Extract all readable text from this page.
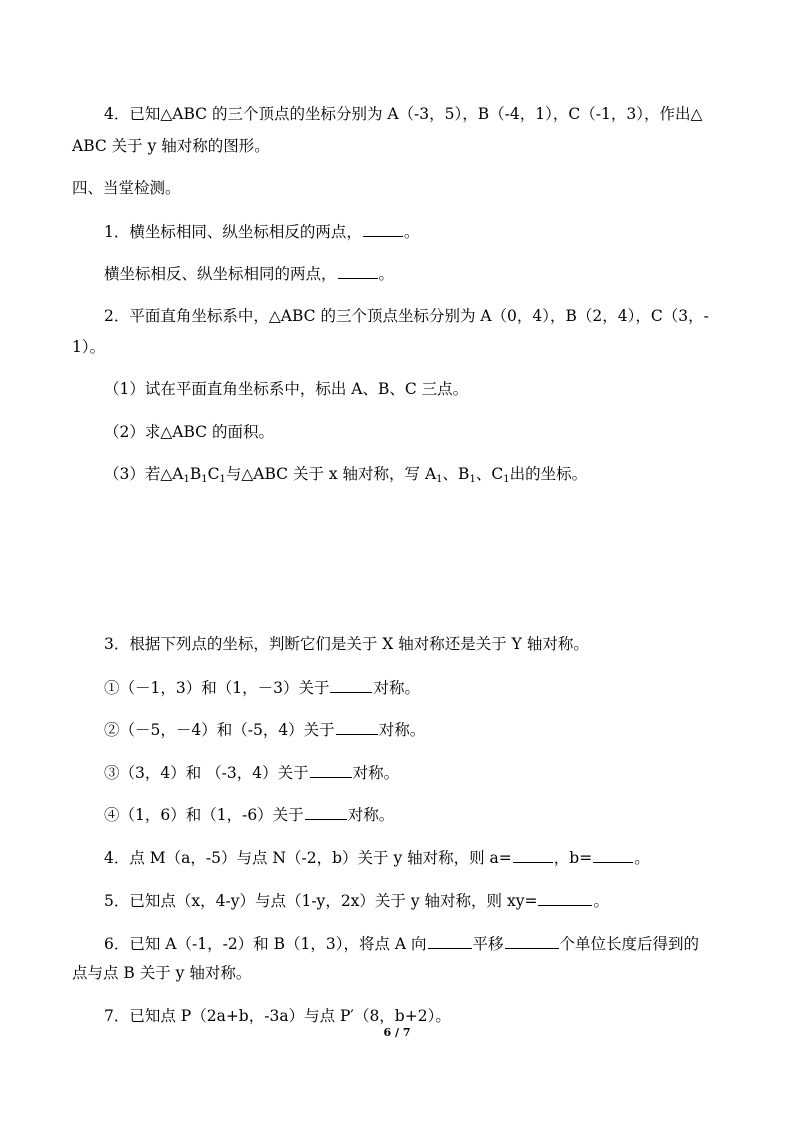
4．已知△ABC 的三个顶点的坐标分别为 A（-3，5），B（-4，1），C（-1，3），作出△
ABC 关于 y 轴对称的图形。
四、当堂检测。
1．横坐标相同、纵坐标相反的两点，	。
横坐标相反、纵坐标相同的两点，	。
2．平面直角坐标系中，△ABC 的三个顶点坐标分别为 A（0，4），B（2，4），C（3，-
1）。
（1）试在平面直角坐标系中，标出 A、B、C 三点。
（2）求△ABC 的面积。
（3）若$\triangle A_1B_1C_1$与△ABC 关于 x 轴对称，写 $A_1$、$B_1$、$C_1$出的坐标。
3．根据下列点的坐标，判断它们是关于 X 轴对称还是关于 Y 轴对称。
①（－1，3）和（1，－3）关于	对称。
②（－5，－4）和（-5，4）关于	对称。
③（3，4）和 （-3，4）关于	对称。
④（1，6）和（1，-6）关于	对称。
4．点 M（a，-5）与点 N（-2，b）关于 y 轴对称，则 a=	，b=	。
5．已知点（x，4-y）与点（1-y，2x）关于 y 轴对称，则 xy=	。
6．已知 A（-1，-2）和 B（1，3），将点 A 向	平移	个单位长度后得到的
点与点 B 关于 y 轴对称。
7．已知点 P（2a+b，-3a）与点 P′（8，b+2）。
6 / 7
